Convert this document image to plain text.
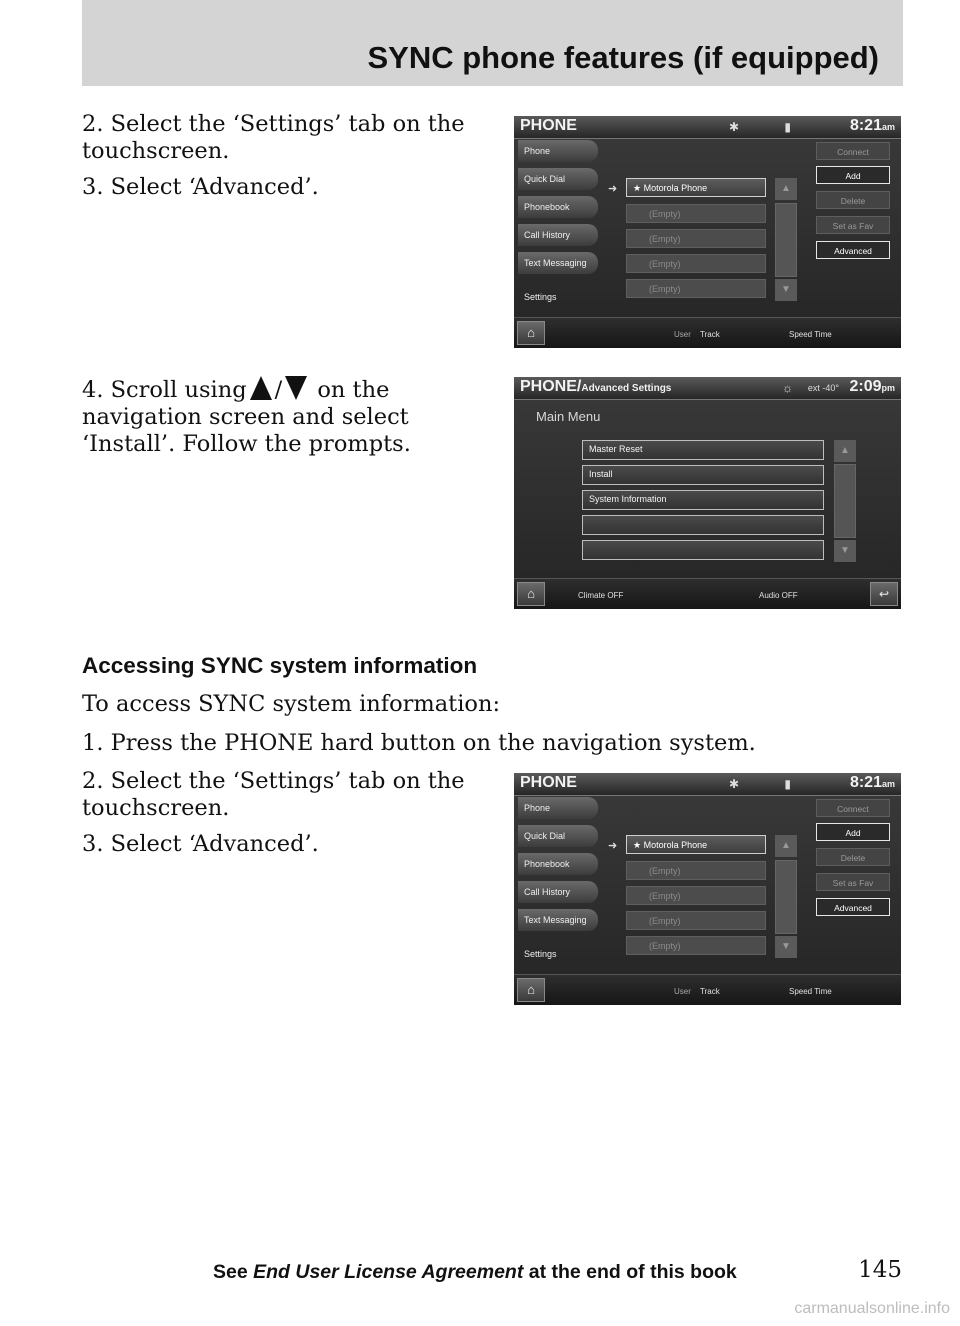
SYNC phone features (if equipped)
2. Select the ‘Settings’ tab on the touchscreen.
3. Select ‘Advanced’.
PHONE	✱	▮	8:21am
Phone
Quick Dial
Phonebook
Call History
Text Messaging
Settings
➜	★ Motorola Phone
(Empty)
(Empty)
(Empty)
(Empty)
▲
▼
Connect
Add
Delete
Set as Fav
Advanced
⌂	User Track	Speed Time
4. Scroll using / on the navigation screen and select ‘Install’. Follow the prompts.
PHONE/Advanced Settings	☼ ext -40° 2:09pm
Main Menu
Master Reset
Install
System Information
▲
▼
⌂	Climate OFF	Audio OFF	↩
Accessing SYNC system information
To access SYNC system information:
1. Press the PHONE hard button on the navigation system.
2. Select the ‘Settings’ tab on the touchscreen.
3. Select ‘Advanced’.
PHONE	✱	▮	8:21am
Phone
Quick Dial
Phonebook
Call History
Text Messaging
Settings
➜	★ Motorola Phone
(Empty)
(Empty)
(Empty)
(Empty)
▲
▼
Connect
Add
Delete
Set as Fav
Advanced
⌂	User Track	Speed Time
See End User License Agreement at the end of this book	145
carmanualsonline.info
